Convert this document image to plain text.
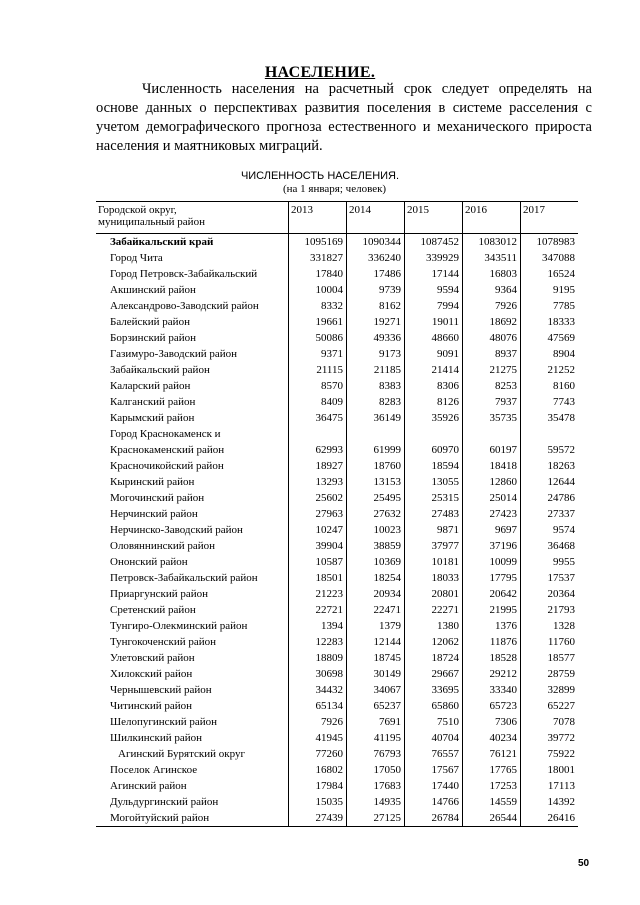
НАСЕЛЕНИЕ.

Численность населения на расчетный срок следует определять на основе данных о перспективах развития поселения в системе расселения с учетом демографического прогноза естественного и механического прироста населения и маятниковых миграций.

ЧИСЛЕННОСТЬ НАСЕЛЕНИЯ.
(на 1 января; человек)
Городской округ,
муниципальный район	2013	2014	2015	2016	2017
Забайкальский край	1095169	1090344	1087452	1083012	1078983
Город Чита	331827	336240	339929	343511	347088
Город Петровск-Забайкальский	17840	17486	17144	16803	16524
Акшинский район	10004	9739	9594	9364	9195
Александрово-Заводский район	8332	8162	7994	7926	7785
Балейский район	19661	19271	19011	18692	18333
Борзинский район	50086	49336	48660	48076	47569
Газимуро-Заводский район	9371	9173	9091	8937	8904
Забайкальский район	21115	21185	21414	21275	21252
Каларский район	8570	8383	8306	8253	8160
Калганский район	8409	8283	8126	7937	7743
Карымский район	36475	36149	35926	35735	35478
Город Краснокаменск и					
Краснокаменский район	62993	61999	60970	60197	59572
Красночикойский район	18927	18760	18594	18418	18263
Кыринский район	13293	13153	13055	12860	12644
Могочинский район	25602	25495	25315	25014	24786
Нерчинский район	27963	27632	27483	27423	27337
Нерчинско-Заводский район	10247	10023	9871	9697	9574
Оловяннинский район	39904	38859	37977	37196	36468
Ононский район	10587	10369	10181	10099	9955
Петровск-Забайкальский район	18501	18254	18033	17795	17537
Приаргунский район	21223	20934	20801	20642	20364
Сретенский район	22721	22471	22271	21995	21793
Тунгиро-Олекминский район	1394	1379	1380	1376	1328
Тунгокоченский район	12283	12144	12062	11876	11760
Улетовский район	18809	18745	18724	18528	18577
Хилокский район	30698	30149	29667	29212	28759
Чернышевский район	34432	34067	33695	33340	32899
Читинский район	65134	65237	65860	65723	65227
Шелопугинский район	7926	7691	7510	7306	7078
Шилкинский район	41945	41195	40704	40234	39772
Агинский Бурятский округ	77260	76793	76557	76121	75922
Поселок Агинское	16802	17050	17567	17765	18001
Агинский район	17984	17683	17440	17253	17113
Дульдургинский район	15035	14935	14766	14559	14392
Могойтуйский район	27439	27125	26784	26544	26416
50
